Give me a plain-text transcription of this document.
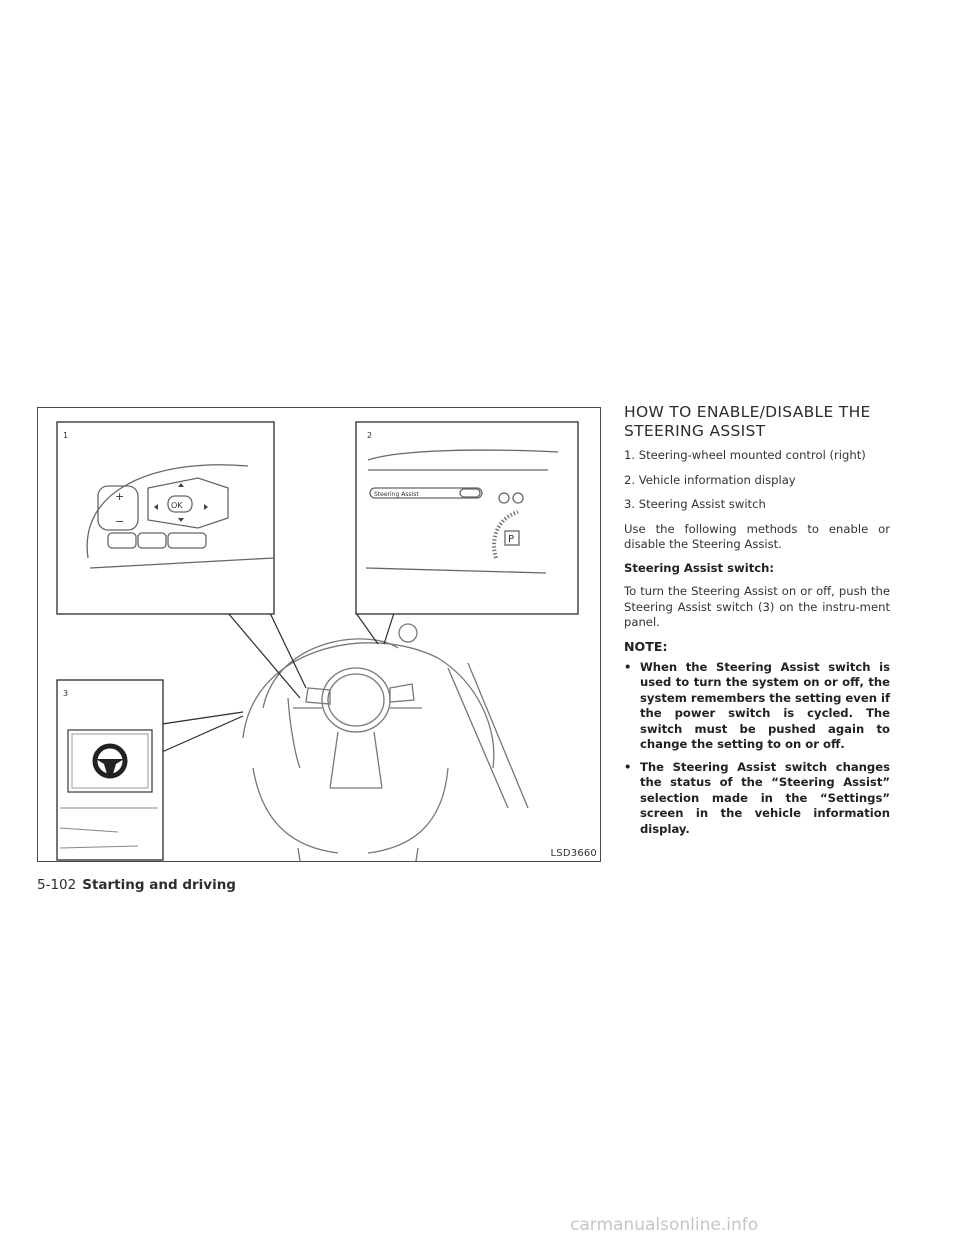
1
+
−
OK
2
Steering Assist
P
3
LSD3660
HOW TO ENABLE/DISABLE THE
STEERING ASSIST

1. Steering-wheel mounted control (right)

2. Vehicle information display

3. Steering Assist switch

Use the following methods to enable or disable the Steering Assist.

Steering Assist switch:

To turn the Steering Assist on or off, push the Steering Assist switch (3) on the instru-ment panel.

NOTE:

• When the Steering Assist switch is used to turn the system on or off, the system remembers the setting even if the power switch is cycled. The switch must be pushed again to change the setting to on or off.
• The Steering Assist switch changes the status of the “Steering Assist” selection made in the “Settings” screen in the vehicle information display.
5-102 Starting and driving
carmanualsonline.info
